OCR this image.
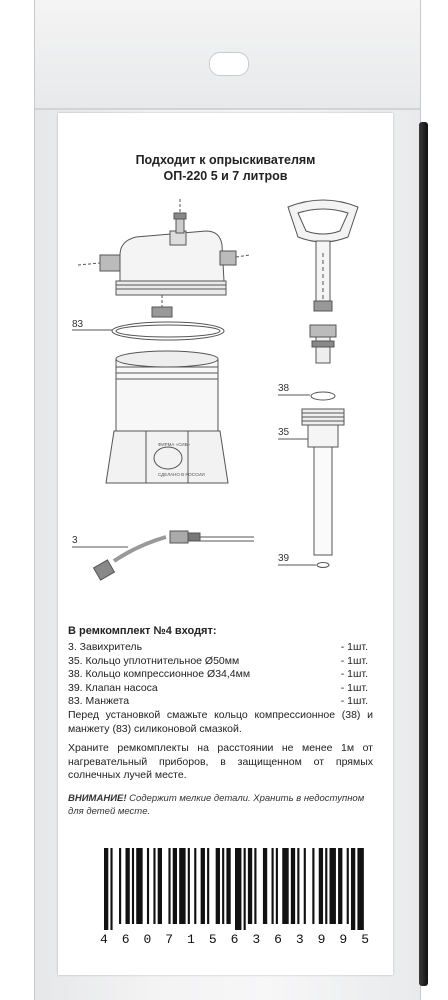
Подходит к опрыскивателям
ОП-220 5 и 7 литров
83
38
35
3
39
ФИРМА «СИБ»
СДЕЛАНО В РОССИИ
В ремкомплект №4 входят:
3. Завихритель	- 1шт.
35. Кольцо уплотнительное Ø50мм	- 1шт.
38. Кольцо компрессионное Ø34,4мм	- 1шт.
39. Клапан насоса	- 1шт.
83. Манжета	- 1шт.
Перед установкой смажьте кольцо компрессионное (38) и манжету (83) силиконовой смазкой.
Храните ремкомплекты на расстоянии не менее 1м от нагревательный приборов, в защищенном от прямых солнечных лучей месте.
ВНИМАНИЕ! Содержит мелкие детали. Хранить в недоступном для детей месте.
4 6 0 7 1 5 6 3 6 3 9 9 5
